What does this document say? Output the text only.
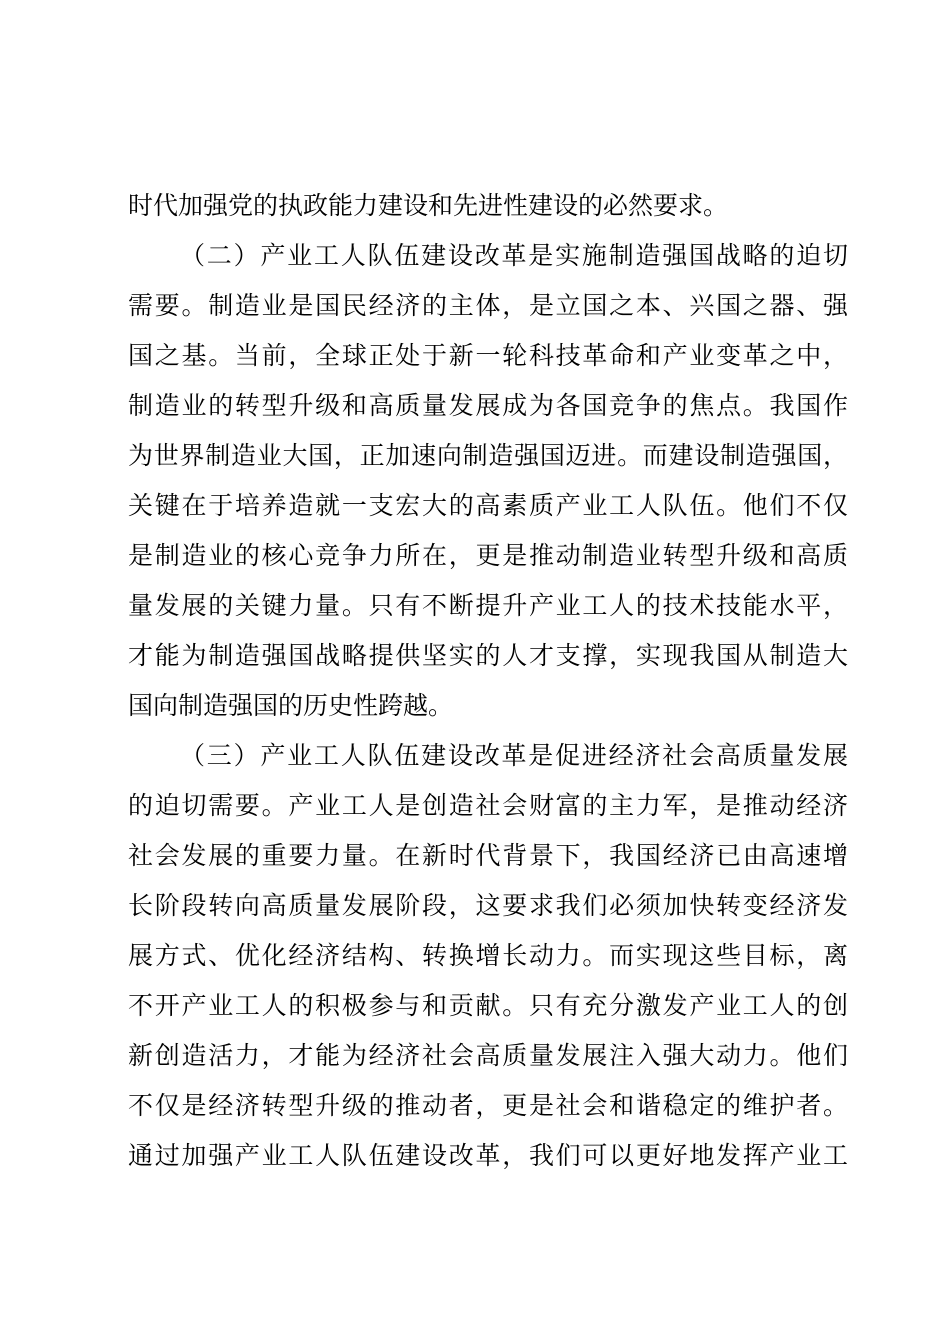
时代加强党的执政能力建设和先进性建设的必然要求。
（二）产业工人队伍建设改革是实施制造强国战略的迫切
需要。制造业是国民经济的主体，是立国之本、兴国之器、强
国之基。当前，全球正处于新一轮科技革命和产业变革之中，
制造业的转型升级和高质量发展成为各国竞争的焦点。我国作
为世界制造业大国，正加速向制造强国迈进。而建设制造强国，
关键在于培养造就一支宏大的高素质产业工人队伍。他们不仅
是制造业的核心竞争力所在，更是推动制造业转型升级和高质
量发展的关键力量。只有不断提升产业工人的技术技能水平，
才能为制造强国战略提供坚实的人才支撑，实现我国从制造大
国向制造强国的历史性跨越。
（三）产业工人队伍建设改革是促进经济社会高质量发展
的迫切需要。产业工人是创造社会财富的主力军，是推动经济
社会发展的重要力量。在新时代背景下，我国经济已由高速增
长阶段转向高质量发展阶段，这要求我们必须加快转变经济发
展方式、优化经济结构、转换增长动力。而实现这些目标，离
不开产业工人的积极参与和贡献。只有充分激发产业工人的创
新创造活力，才能为经济社会高质量发展注入强大动力。他们
不仅是经济转型升级的推动者，更是社会和谐稳定的维护者。
通过加强产业工人队伍建设改革，我们可以更好地发挥产业工
